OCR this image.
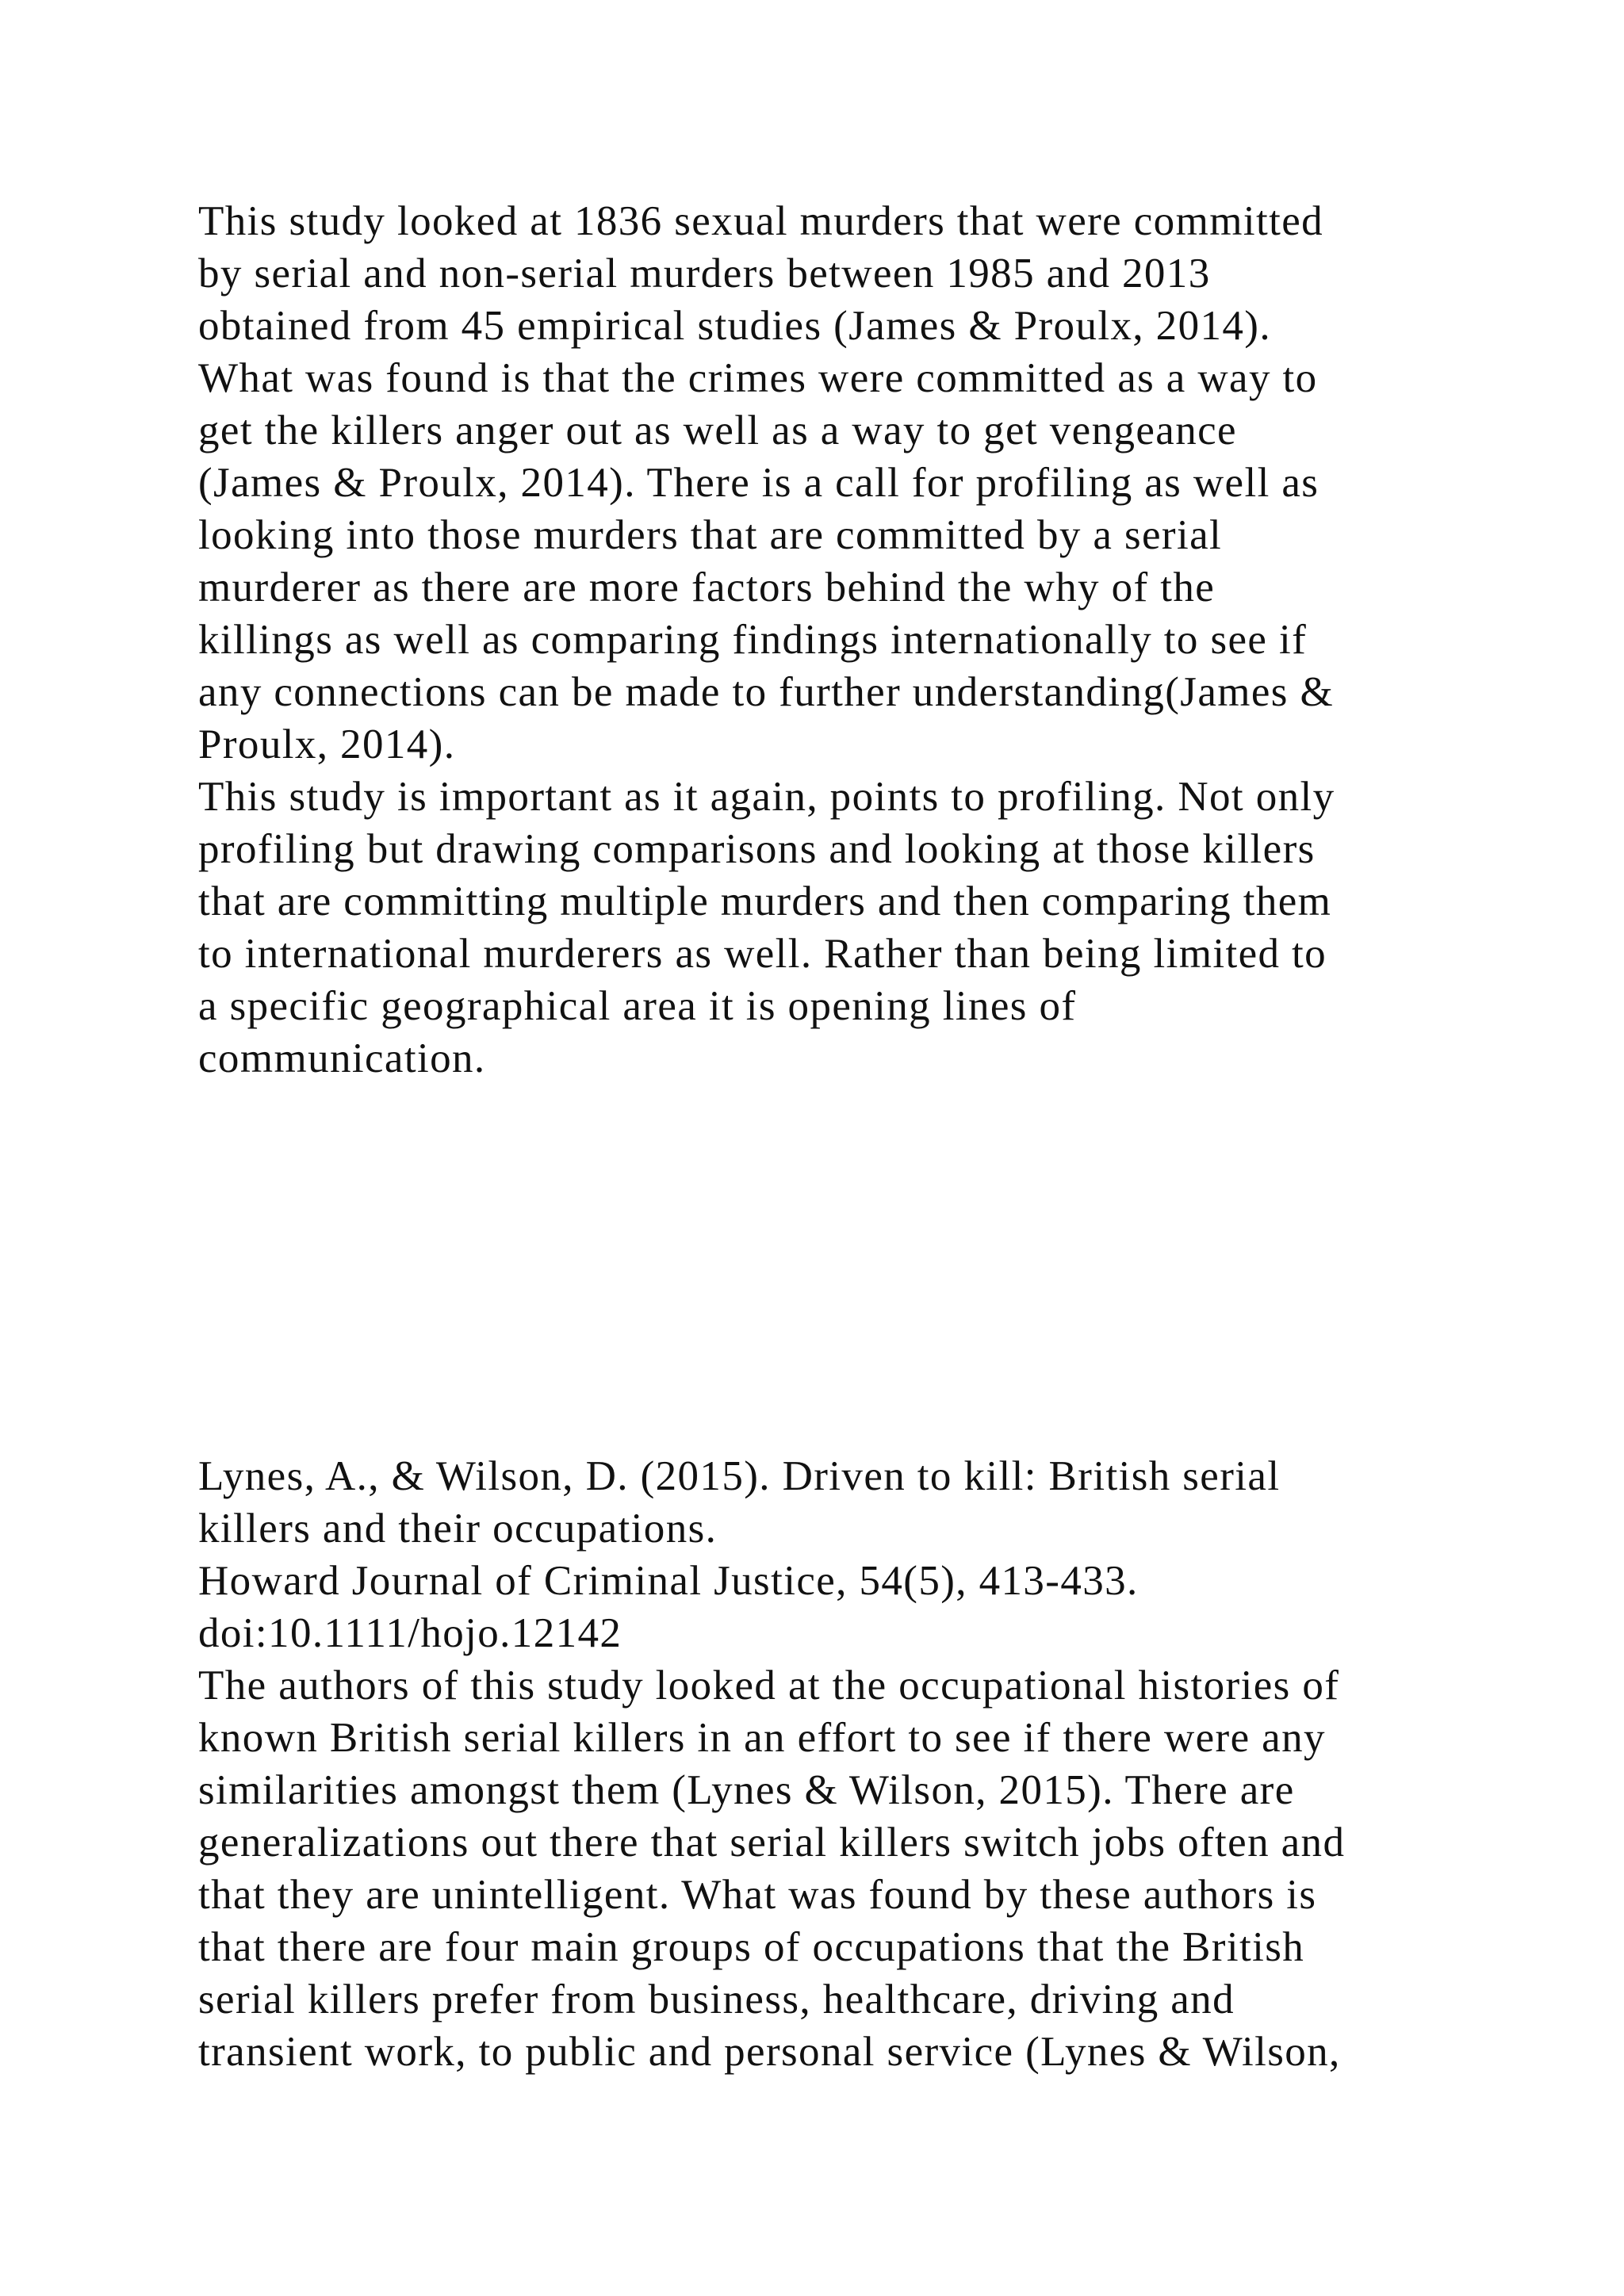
This study looked at 1836 sexual murders that were committed
by serial and non-serial murders between 1985 and 2013
obtained from 45 empirical studies (James & Proulx, 2014).
What was found is that the crimes were committed as a way to
get the killers anger out as well as a way to get vengeance
(James & Proulx, 2014). There is a call for profiling as well as
looking into those murders that are committed by a serial
murderer as there are more factors behind the why of the
killings as well as comparing findings internationally to see if
any connections can be made to further understanding(James &
Proulx, 2014).
This study is important as it again, points to profiling. Not only
profiling but drawing comparisons and looking at those killers
that are committing multiple murders and then comparing them
to international murderers as well. Rather than being limited to
a specific geographical area it is opening lines of
communication.
Lynes, A., & Wilson, D. (2015). Driven to kill: British serial
killers and their occupations.
Howard Journal of Criminal Justice, 54(5), 413-433.
doi:10.1111/hojo.12142
The authors of this study looked at the occupational histories of
known British serial killers in an effort to see if there were any
similarities amongst them (Lynes & Wilson, 2015). There are
generalizations out there that serial killers switch jobs often and
that they are unintelligent. What was found by these authors is
that there are four main groups of occupations that the British
serial killers prefer from business, healthcare, driving and
transient work, to public and personal service (Lynes & Wilson,
